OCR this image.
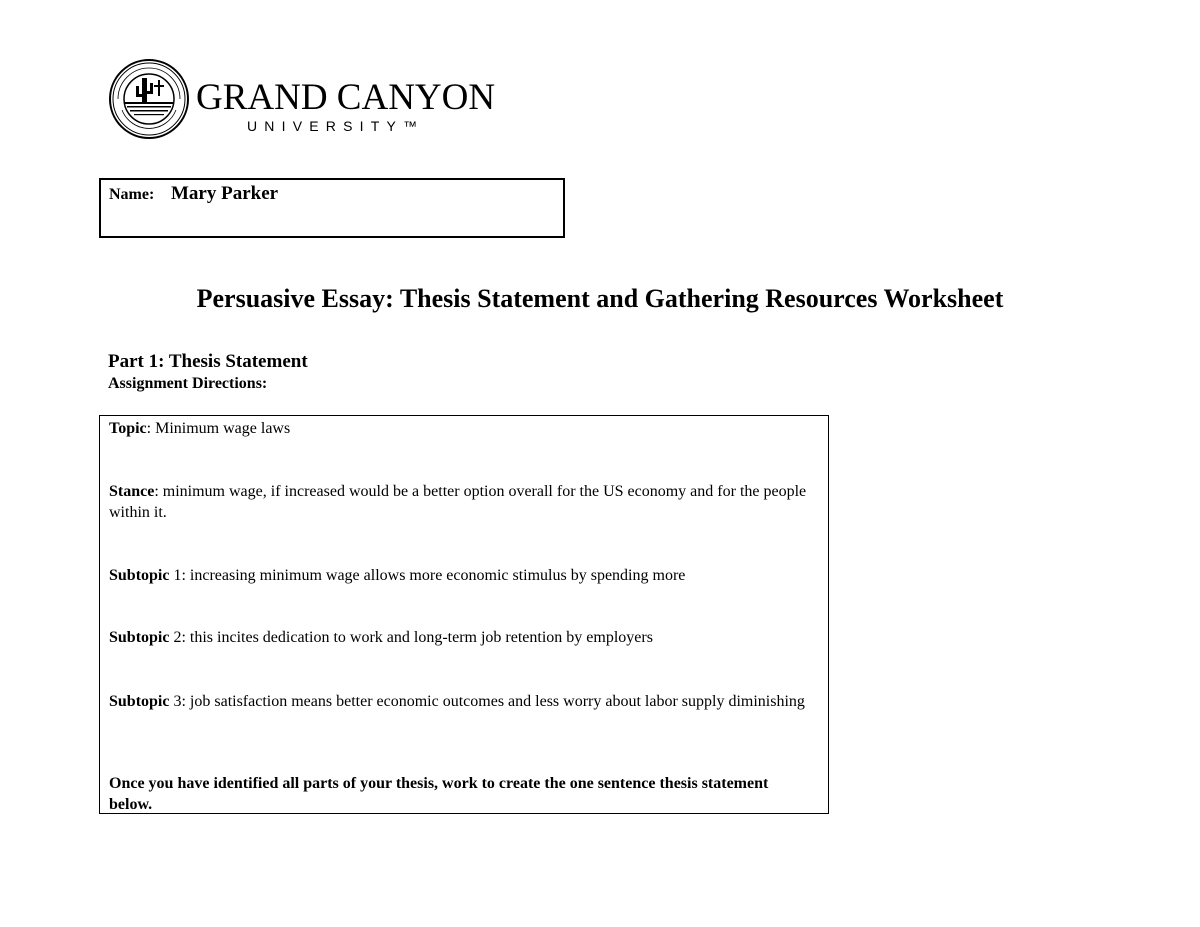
GRAND CANYON
UNIVERSITY™
Name: Mary Parker
Persuasive Essay: Thesis Statement and Gathering Resources Worksheet
Part 1: Thesis Statement
Assignment Directions:
Topic: Minimum wage laws
Stance: minimum wage, if increased would be a better option overall for the US economy and for the people within it.
Subtopic 1: increasing minimum wage allows more economic stimulus by spending more
Subtopic 2: this incites dedication to work and long-term job retention by employers
Subtopic 3: job satisfaction means better economic outcomes and less worry about labor supply diminishing
Once you have identified all parts of your thesis, work to create the one sentence thesis statement below.
